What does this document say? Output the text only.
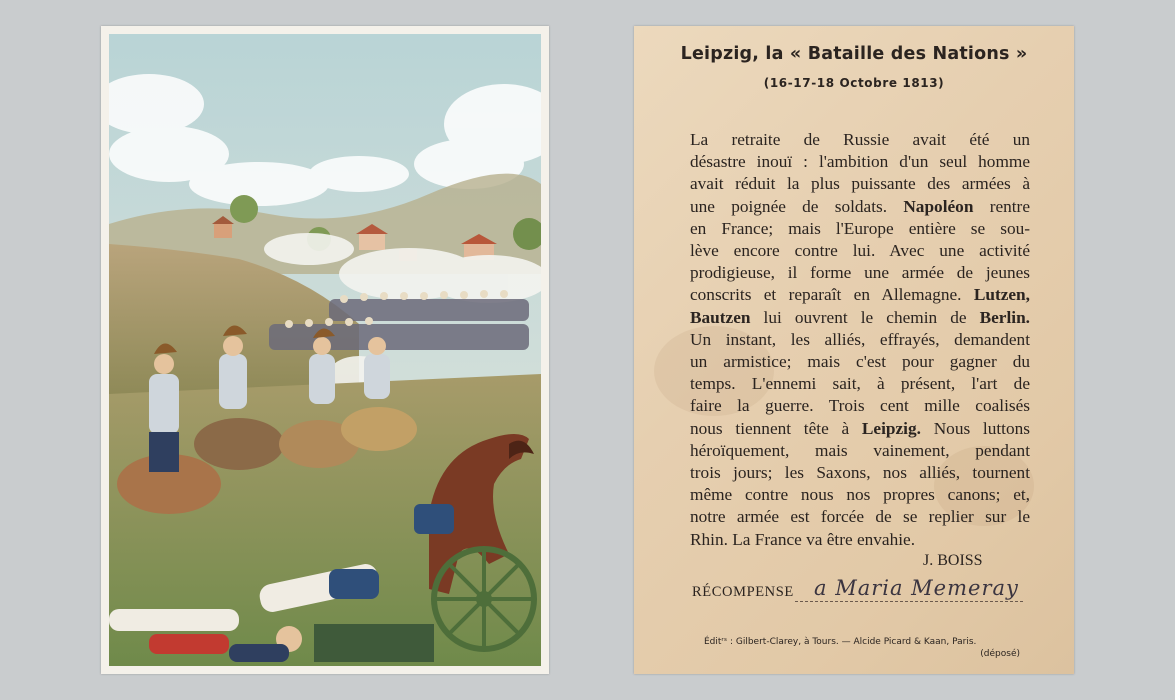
Leipzig, la « Bataille des Nations »
(16-17-18 Octobre 1813)
La retraite de Russie avait été un
désastre inouï : l'ambition d'un seul homme
avait réduit la plus puissante des armées à
une poignée de soldats. Napoléon rentre
en France; mais l'Europe entière se sou-
lève encore contre lui. Avec une activité
prodigieuse, il forme une armée de jeunes
conscrits et reparaît en Allemagne. Lutzen,
Bautzen lui ouvrent le chemin de Berlin.
Un instant, les alliés, effrayés, demandent
un armistice; mais c'est pour gagner du
temps. L'ennemi sait, à présent, l'art de
faire la guerre. Trois cent mille coalisés
nous tiennent tête à Leipzig. Nous luttons
héroïquement, mais vainement, pendant
trois jours; les Saxons, nos alliés, tournent
même contre nous nos propres canons; et,
notre armée est forcée de se replier sur le
Rhin. La France va être envahie.
J. BOISS
RÉCOMPENSE a Maria Memeray
Éditʳˢ : Gilbert-Clarey, à Tours. — Alcide Picard & Kaan, Paris.
(déposé)
